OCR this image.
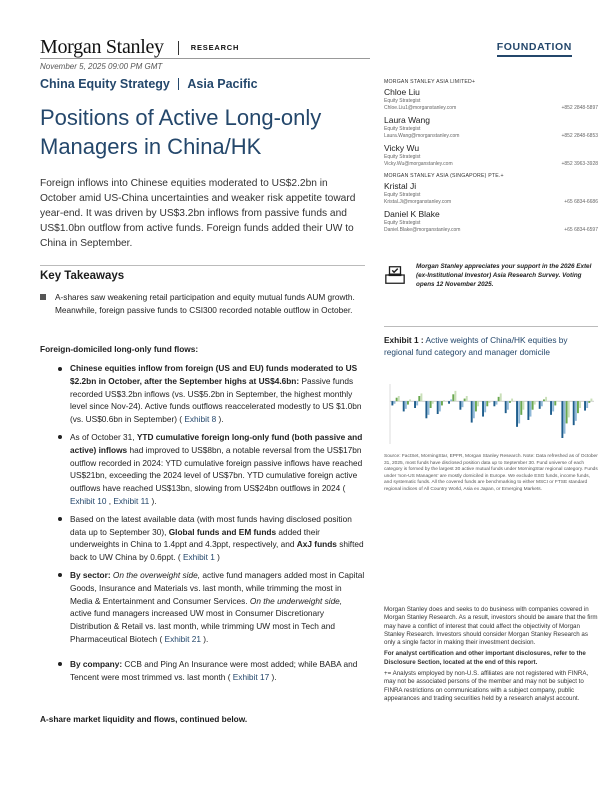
Morgan Stanley	RESEARCH	FOUNDATION
November 5, 2025 09:00 PM GMT
China Equity Strategy Asia Pacific
Positions of Active Long-only Managers in China/HK

Foreign inflows into Chinese equities moderated to US$2.2bn in October amid US-China uncertainties and weaker risk appetite toward year-end. It was driven by US$3.2bn inflows from passive funds and US$1.0bn outflow from active funds. Foreign funds added their UW to China in September.

Key Takeaways
A-shares saw weakening retail participation and equity mutual funds AUM growth. Meanwhile, foreign passive funds to CSI300 recorded notable outflow in October.
Foreign-domiciled long-only fund flows:
Chinese equities inflow from foreign (US and EU) funds moderated to US $2.2bn in October, after the September highs at US$4.6bn: Passive funds recorded US$3.2bn inflows (vs. US$5.2bn in September, the highest monthly level since Nov-24). Active funds outflows reaccelerated modestly to US $1.0bn (vs. US$0.6bn in September) ( Exhibit 8 ).
As of October 31, YTD cumulative foreign long-only fund (both passive and active) inflows had improved to US$8bn, a notable reversal from the US$17bn outflow recorded in 2024: YTD cumulative foreign passive inflows have reached US$21bn, exceeding the 2024 level of US$7bn. YTD cumulative foreign active outflows have reached US$13bn, slowing from US$24bn outflows in 2024 ( Exhibit 10 , Exhibit 11 ).
Based on the latest available data (with most funds having disclosed position data up to September 30), Global funds and EM funds added their underweights in China to 1.4ppt and 4.3ppt, respectively, and AxJ funds shifted back to UW China by 0.6ppt. ( Exhibit 1 )
By sector: On the overweight side, active fund managers added most in Capital Goods, Insurance and Materials vs. last month, while trimming the most in Media & Entertainment and Consumer Services. On the underweight side, active fund managers increased UW most in Consumer Discretionary Distribution & Retail vs. last month, while trimming UW most in Tech and Pharmaceutical Biotech ( Exhibit 21 ).
By company: CCB and Ping An Insurance were most added; while BABA and Tencent were most trimmed vs. last month ( Exhibit 17 ).
A-share market liquidity and flows, continued below.
MORGAN STANLEY ASIA LIMITED+
Chloe Liu
Equity Strategist
Chloe.Liu1@morganstanley.com	+852 2848-5897
Laura Wang
Equity Strategist
Laura.Wang@morganstanley.com	+852 2848-6853
Vicky Wu
Equity Strategist
Vicky.Wu@morganstanley.com	+852 3963-3928
MORGAN STANLEY ASIA (SINGAPORE) PTE.+
Kristal Ji
Equity Strategist
Kristal.Ji@morganstanley.com	+65 6834-6686
Daniel K Blake
Equity Strategist
Daniel.Blake@morganstanley.com	+65 6834-6597
Morgan Stanley appreciates your support in the 2026 Extel (ex-Institutional Investor) Asia Research Survey. Voting opens 12 November 2025.
Exhibit 1 : Active weights of China/HK equities by regional fund category and manager domicile
Source: FactSet, MorningStar, EPFR, Morgan Stanley Research. Note: Data refreshed as of October 31, 2025, most funds have disclosed position data up to September 30. Fund universe of each category is formed by the largest 30 active mutual funds under MorningStar regional category. Funds under 'non-US Managers' are mostly domiciled in Europe. We exclude ESG funds, income funds, and systematic funds. All the covered funds are benchmarking to either MSCI or FTSE standard regional indices of All Country World, Asia ex Japan, or Emerging Markets.

Morgan Stanley does and seeks to do business with companies covered in Morgan Stanley Research. As a result, investors should be aware that the firm may have a conflict of interest that could affect the objectivity of Morgan Stanley Research. Investors should consider Morgan Stanley Research as only a single factor in making their investment decision.

For analyst certification and other important disclosures, refer to the Disclosure Section, located at the end of this report.

+= Analysts employed by non-U.S. affiliates are not registered with FINRA, may not be associated persons of the member and may not be subject to FINRA restrictions on communications with a subject company, public appearances and trading securities held by a research analyst account.
